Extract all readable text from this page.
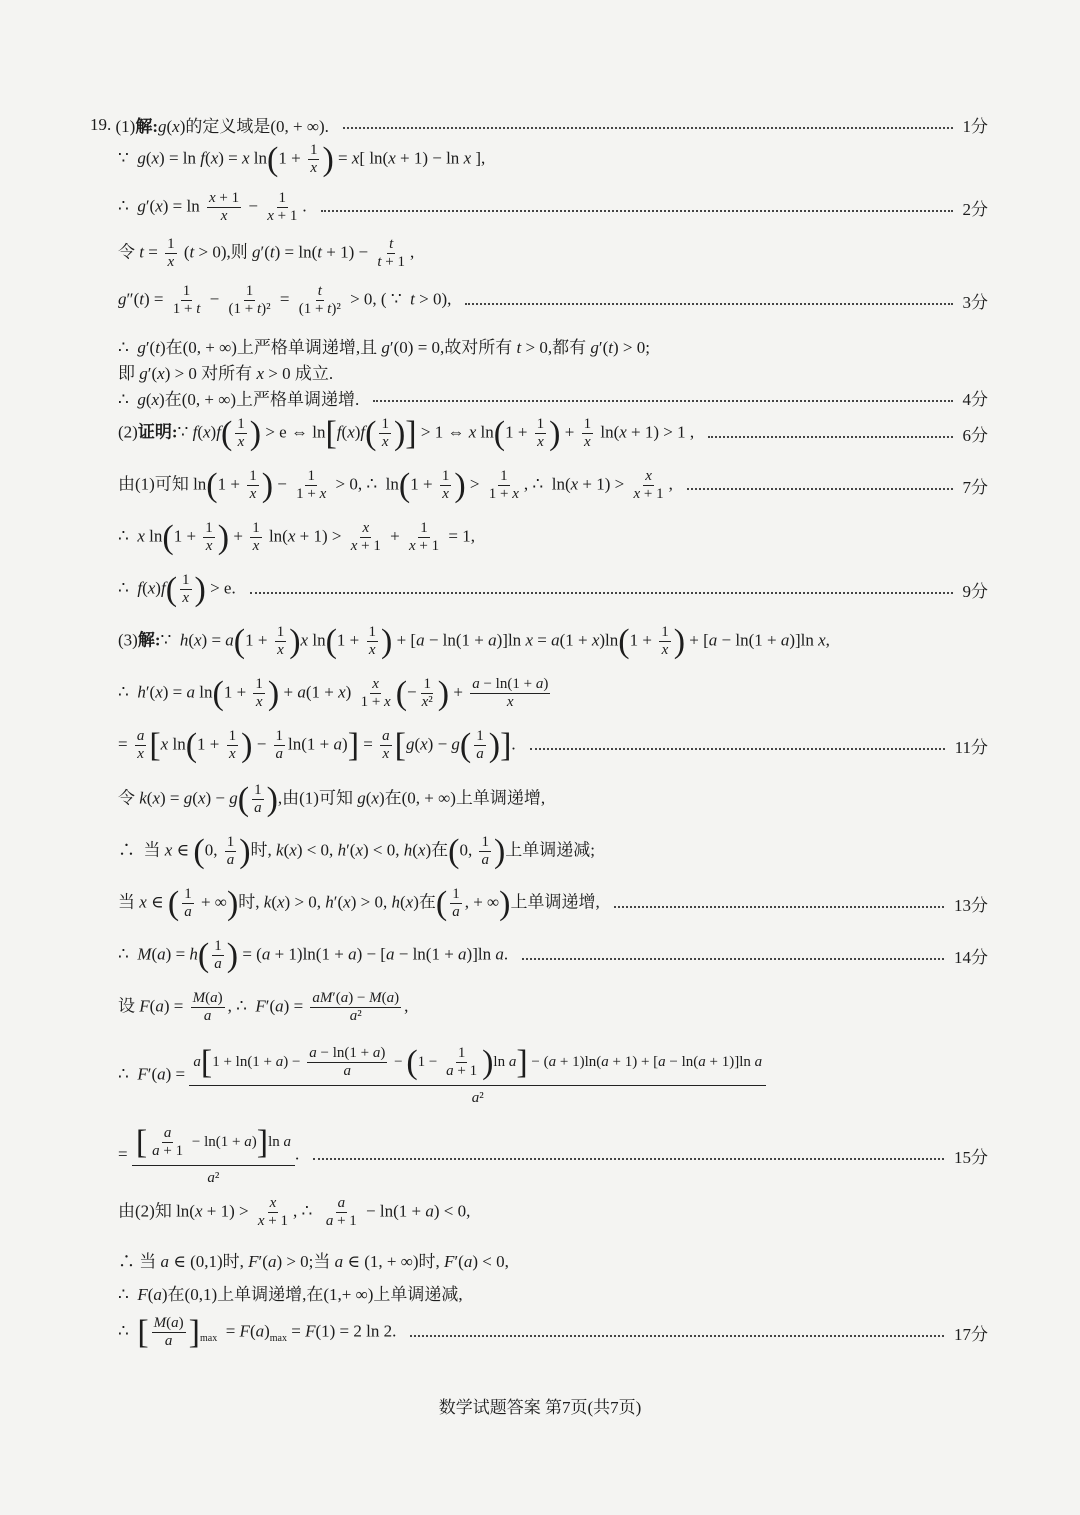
19. (1)解:g(x)的定义域是(0, + ∞).	1分
∵  g(x) = ln f(x) = x $\ln(1 + \frac{1}{x}$ ) = x[ ln(x + 1) − ln x ],
∴  $g'(x) = \ln \frac{x + 1}{x} - \frac{1}{x + 1}$ .	2分
令 $t = \frac{1}{x} (t > 0)$,则 $g'(t) = \ln(t + 1) - \frac{t}{t + 1}$ ,
$g''(t) = \frac{1}{1 + t} - \frac{1}{\text{(1 + t)²}} = \frac{t}{\text{(1 + t)²}} > 0$, ( ∵  t > 0),	3分
∴  g′(t)在(0, + ∞)上严格单调递增,且 g′(0) = 0,故对所有 t > 0,都有 g′(t) > 0;
即 g′(x) > 0 对所有 x > 0 成立.
∴  g(x)在(0, + ∞)上严格单调递增.	4分
(2)证明:∵ $f(x)f( \frac{1}{x}$ ) > e ⇔ $\ln[f(x)f( \frac{1}{x}$ )] > 1 ⇔ x $\ln(1 + \frac{1}{x}$ ) + $\frac{1}{x} \ln(x + 1) > 1$ ,	6分
由(1)可知 $\ln(1 + \frac{1}{x}$ ) − $\frac{1}{1 + x} > 0$, ∴  $\ln(1 + \frac{1}{x}$ ) > $\frac{1}{1 + x}$ , ∴  $\ln(x + 1) > \frac{x}{x + 1}$ ,	7分
∴  x $\ln(1 + \frac{1}{x}$ ) + $\frac{1}{x} \ln(x + 1) > \frac{x}{x + 1} + \frac{1}{x + 1} = 1$,
∴  $f(x)f( \frac{1}{x}$ ) > e.	9分
(3)解:∵  $h(x) = a(1 + \frac{1}{x} )x$ $\ln(1 + \frac{1}{x}$ ) + [a − ln(1 + a)]ln $x = a(1 + x)\ln(1 + \frac{1}{x}$ ) + [a − ln(1 + a)]ln x,
∴  h′(x) = a $\ln(1 + \frac{1}{x}$ ) + $a(1 + x) \frac{x}{1 + x}$ (− $\frac{1}{\text{x²}}$ ) + $\frac{a - \ln(1 + a)}{x}$
= $\frac{a}{x} [x$ $\ln(1 + \frac{1}{x}$ ) − $\frac{1}{a} \ln(1 + a)] = \frac{a}{x} [g(x) - g( \frac{1}{a}$ )].	11分
令 $k(x) = g(x) - g( \frac{1}{a}$ ),由(1)可知 g(x)在(0, + ∞)上单调递增,
∴  当 x ∈ (0, $\frac{1}{a}$ )时, k(x) < 0, h′(x) < 0, h(x)在(0, $\frac{1}{a}$ )上单调递减;
当 x ∈ ( $\frac{1}{a}$ + ∞)时, k(x) > 0, h′(x) > 0, h(x)在( $\frac{1}{a}$ , + ∞)上单调递增,	13分
∴  $M(a) = h( \frac{1}{a}$ ) = (a + 1)ln(1 + a) − [a − ln(1 + a)]ln a.	14分
设 $F(a) = \frac{M(a)}{a}$ , ∴  $F'(a) = \frac{aM'(a) - M(a)}{\text{a²}}$ ,
∴  F′(a) =
$a[1 + \ln(1 + a) - \frac{a - \ln(1 + a)}{a} - (1 - \frac{1}{a + 1} )\ln$ a] − (a + 1)ln(a + 1) + [a − ln(a + 1)]ln a
a²
= $\frac{[ \frac{a}{a + 1} - \ln(1 + a)]\ln a}{\text{a²}}$ .	15分
由(2)知 $\ln(x + 1) > \frac{x}{x + 1}$ , ∴ $\frac{a}{a + 1} - \ln(1 + a) < 0$,
∴ 当 a ∈ (0,1)时, F′(a) > 0;当 a ∈ (1, + ∞)时, F′(a) < 0,
∴  F(a)在(0,1)上单调递增,在(1,+ ∞)上单调递减,
∴  [ $\frac{M(a)}{a} ]_{max} = F(a)_{max} = F(1) = 2$ ln 2.	17分
数学试题答案 第7页(共7页)
